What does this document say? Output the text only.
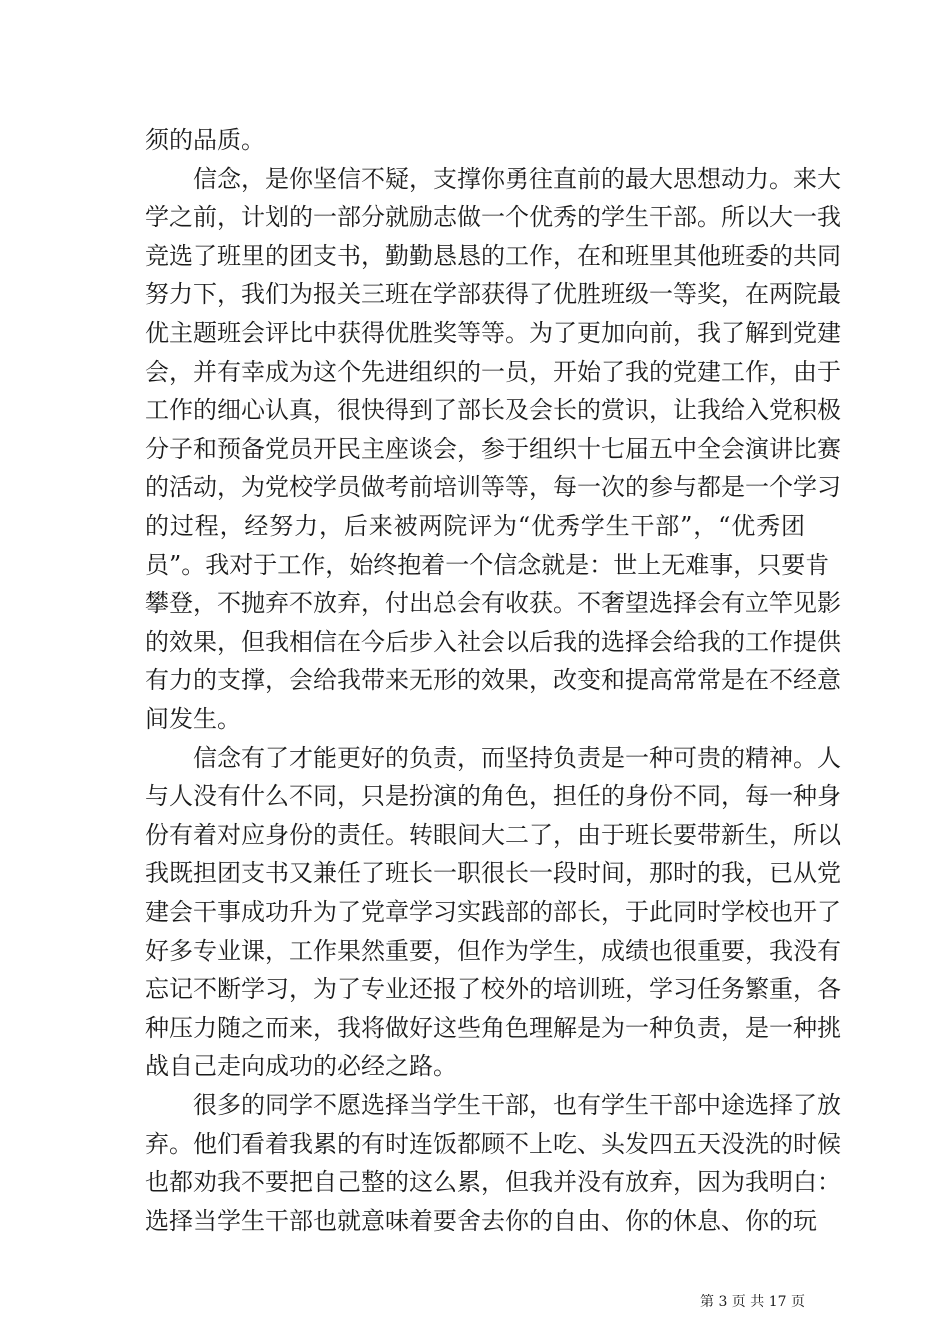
须的品质。
　　信念，是你坚信不疑，支撑你勇往直前的最大思想动力。来大
学之前，计划的一部分就励志做一个优秀的学生干部。所以大一我
竞选了班里的团支书，勤勤恳恳的工作，在和班里其他班委的共同
努力下，我们为报关三班在学部获得了优胜班级一等奖，在两院最
优主题班会评比中获得优胜奖等等。为了更加向前，我了解到党建
会，并有幸成为这个先进组织的一员，开始了我的党建工作，由于
工作的细心认真，很快得到了部长及会长的赏识，让我给入党积极
分子和预备党员开民主座谈会，参于组织十七届五中全会演讲比赛
的活动，为党校学员做考前培训等等，每一次的参与都是一个学习
的过程，经努力，后来被两院评为“优秀学生干部”，“优秀团
员”。我对于工作，始终抱着一个信念就是：世上无难事，只要肯
攀登，不抛弃不放弃，付出总会有收获。不奢望选择会有立竿见影
的效果，但我相信在今后步入社会以后我的选择会给我的工作提供
有力的支撑，会给我带来无形的效果，改变和提高常常是在不经意
间发生。
　　信念有了才能更好的负责，而坚持负责是一种可贵的精神。人
与人没有什么不同，只是扮演的角色，担任的身份不同，每一种身
份有着对应身份的责任。转眼间大二了，由于班长要带新生，所以
我既担团支书又兼任了班长一职很长一段时间，那时的我，已从党
建会干事成功升为了党章学习实践部的部长，于此同时学校也开了
好多专业课，工作果然重要，但作为学生，成绩也很重要，我没有
忘记不断学习，为了专业还报了校外的培训班，学习任务繁重，各
种压力随之而来，我将做好这些角色理解是为一种负责，是一种挑
战自己走向成功的必经之路。
　　很多的同学不愿选择当学生干部，也有学生干部中途选择了放
弃。他们看着我累的有时连饭都顾不上吃、头发四五天没洗的时候
也都劝我不要把自己整的这么累，但我并没有放弃，因为我明白：
选择当学生干部也就意味着要舍去你的自由、你的休息、你的玩
第 3 页 共 17 页
